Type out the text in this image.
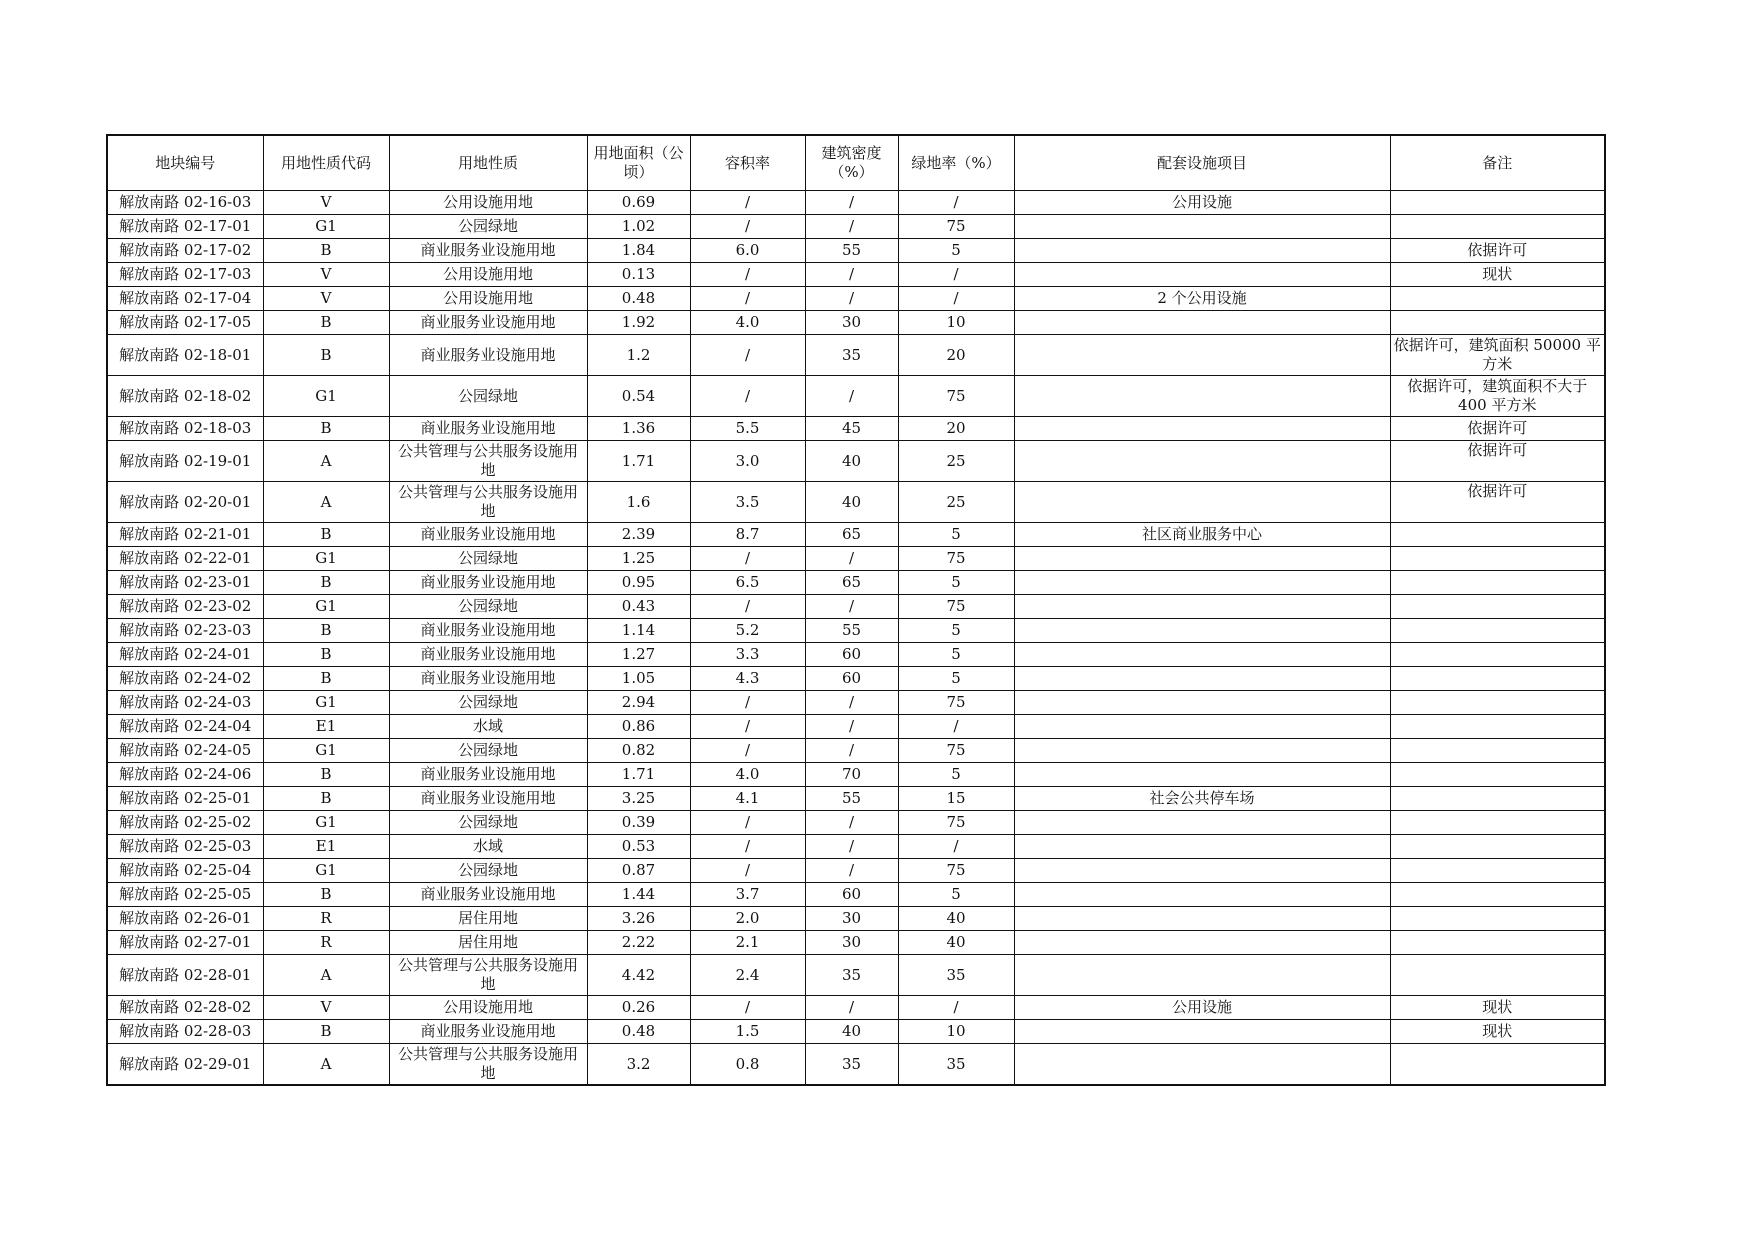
地块编号	用地性质代码	用地性质	用地面积（公顷）	容积率	建筑密度（%）	绿地率（%）	配套设施项目	备注
解放南路 02-16-03	V	公用设施用地	0.69	/	/	/	公用设施	
解放南路 02-17-01	G1	公园绿地	1.02	/	/	75		
解放南路 02-17-02	B	商业服务业设施用地	1.84	6.0	55	5		依据许可
解放南路 02-17-03	V	公用设施用地	0.13	/	/	/		现状
解放南路 02-17-04	V	公用设施用地	0.48	/	/	/	2 个公用设施	
解放南路 02-17-05	B	商业服务业设施用地	1.92	4.0	30	10		
解放南路 02-18-01	B	商业服务业设施用地	1.2	/	35	20		依据许可，建筑面积 50000 平方米
解放南路 02-18-02	G1	公园绿地	0.54	/	/	75		依据许可，建筑面积不大于 400 平方米
解放南路 02-18-03	B	商业服务业设施用地	1.36	5.5	45	20		依据许可
解放南路 02-19-01	A	公共管理与公共服务设施用地	1.71	3.0	40	25		依据许可
解放南路 02-20-01	A	公共管理与公共服务设施用地	1.6	3.5	40	25		依据许可
解放南路 02-21-01	B	商业服务业设施用地	2.39	8.7	65	5	社区商业服务中心	
解放南路 02-22-01	G1	公园绿地	1.25	/	/	75		
解放南路 02-23-01	B	商业服务业设施用地	0.95	6.5	65	5		
解放南路 02-23-02	G1	公园绿地	0.43	/	/	75		
解放南路 02-23-03	B	商业服务业设施用地	1.14	5.2	55	5		
解放南路 02-24-01	B	商业服务业设施用地	1.27	3.3	60	5		
解放南路 02-24-02	B	商业服务业设施用地	1.05	4.3	60	5		
解放南路 02-24-03	G1	公园绿地	2.94	/	/	75		
解放南路 02-24-04	E1	水域	0.86	/	/	/		
解放南路 02-24-05	G1	公园绿地	0.82	/	/	75		
解放南路 02-24-06	B	商业服务业设施用地	1.71	4.0	70	5		
解放南路 02-25-01	B	商业服务业设施用地	3.25	4.1	55	15	社会公共停车场	
解放南路 02-25-02	G1	公园绿地	0.39	/	/	75		
解放南路 02-25-03	E1	水域	0.53	/	/	/		
解放南路 02-25-04	G1	公园绿地	0.87	/	/	75		
解放南路 02-25-05	B	商业服务业设施用地	1.44	3.7	60	5		
解放南路 02-26-01	R	居住用地	3.26	2.0	30	40		
解放南路 02-27-01	R	居住用地	2.22	2.1	30	40		
解放南路 02-28-01	A	公共管理与公共服务设施用地	4.42	2.4	35	35		
解放南路 02-28-02	V	公用设施用地	0.26	/	/	/	公用设施	现状
解放南路 02-28-03	B	商业服务业设施用地	0.48	1.5	40	10		现状
解放南路 02-29-01	A	公共管理与公共服务设施用地	3.2	0.8	35	35		
